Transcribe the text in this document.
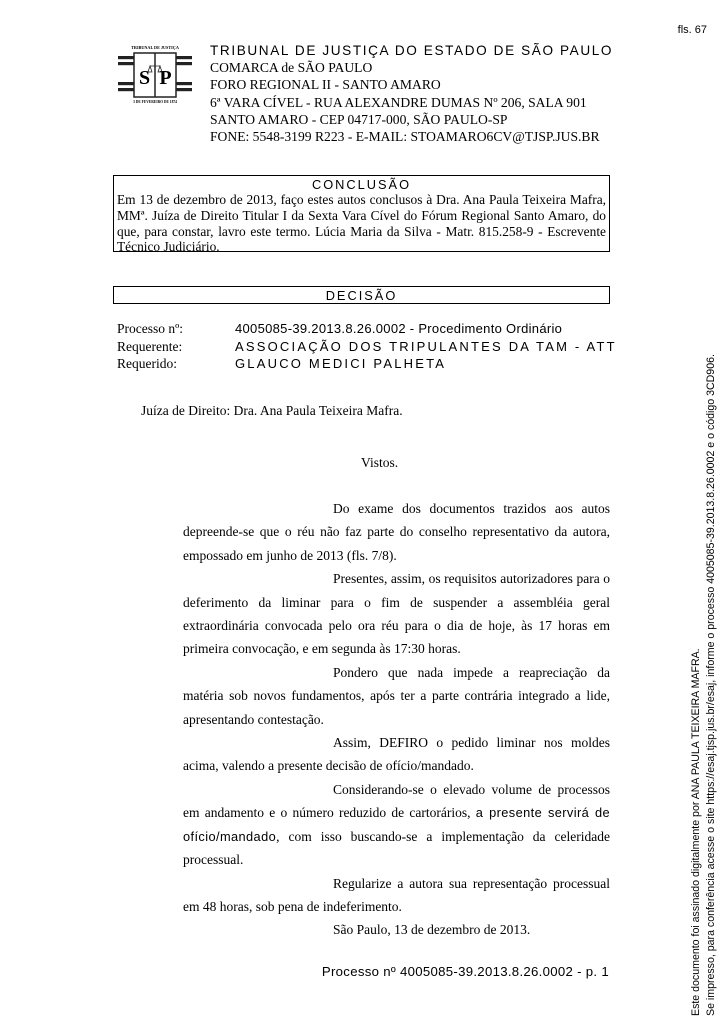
fls. 67
TRIBUNAL DE JUSTIÇA
S P
3 DE FEVEREIRO DE 1874
TRIBUNAL DE JUSTIÇA DO ESTADO DE SÃO PAULO
COMARCA de SÃO PAULO
FORO REGIONAL II - SANTO AMARO
6ª VARA CÍVEL - RUA ALEXANDRE DUMAS Nº 206, SALA 901
SANTO AMARO - CEP 04717-000, SÃO PAULO-SP
FONE: 5548-3199 R223 - E-MAIL: STOAMARO6CV@TJSP.JUS.BR
CONCLUSÃO
Em 13 de dezembro de 2013, faço estes autos conclusos à Dra. Ana Paula Teixeira Mafra, MMª. Juíza de Direito Titular I da Sexta Vara Cível do Fórum Regional Santo Amaro, do que, para constar, lavro este termo. Lúcia Maria da Silva - Matr. 815.258-9 - Escrevente Técnico Judiciário.
DECISÃO
Processo nº:	4005085-39.2013.8.26.0002 - Procedimento Ordinário
Requerente:	ASSOCIAÇÃO DOS TRIPULANTES DA TAM - ATT
Requerido:	GLAUCO MEDICI PALHETA
Juíza de Direito: Dra. Ana Paula Teixeira Mafra.
Vistos.

Do exame dos documentos trazidos aos autos depreende-se que o réu não faz parte do conselho representativo da autora, empossado em junho de 2013 (fls. 7/8).

Presentes, assim, os requisitos autorizadores para o deferimento da liminar para o fim de suspender a assembléia geral extraordinária convocada pelo ora réu para o dia de hoje, às 17 horas em primeira convocação, e em segunda às 17:30 horas.

Pondero que nada impede a reapreciação da matéria sob novos fundamentos, após ter a parte contrária integrado a lide, apresentando contestação.

Assim, DEFIRO o pedido liminar nos moldes acima, valendo a presente decisão de ofício/mandado.

Considerando-se o elevado volume de processos em andamento e o número reduzido de cartorários, a presente servirá de ofício/mandado, com isso buscando-se a implementação da celeridade processual.

Regularize a autora sua representação processual em 48 horas, sob pena de indeferimento.

São Paulo, 13 de dezembro de 2013.

Processo nº 4005085-39.2013.8.26.0002 - p. 1	Este documento foi assinado digitalmente por ANA PAULA TEIXEIRA MAFRA. Se impresso, para conferência acesse o site https://esaj.tjsp.jus.br/esaj, informe o processo 4005085-39.2013.8.26.0002 e o código 3CD906.
